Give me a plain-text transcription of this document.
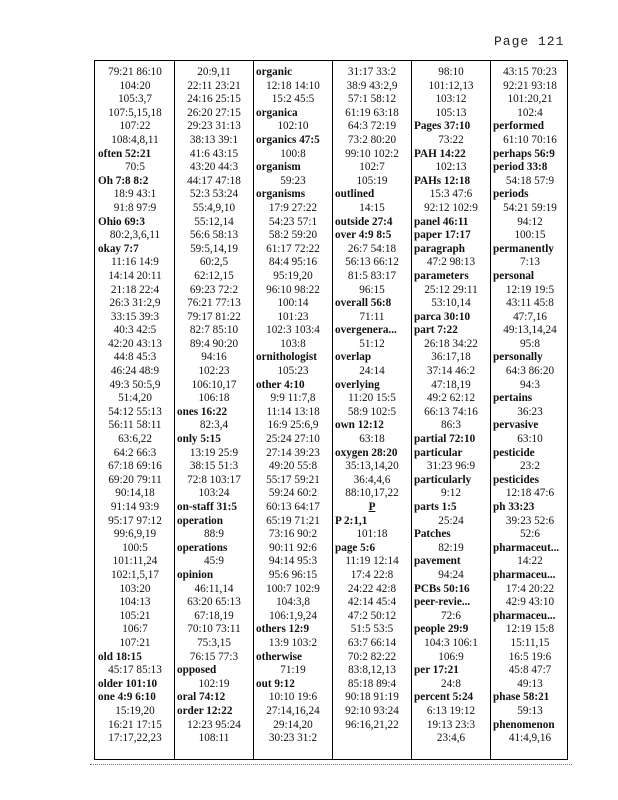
Page 121
79:21 86:10
104:20
105:3,7
107:5,15,18
107:22
108:4,8,11
often 52:21
70:5
Oh 7:8 8:2
18:9 43:1
91:8 97:9
Ohio 69:3
80:2,3,6,11
okay 7:7
11:16 14:9
14:14 20:11
21:18 22:4
26:3 31:2,9
33:15 39:3
40:3 42:5
42:20 43:13
44:8 45:3
46:24 48:9
49:3 50:5,9
51:4,20
54:12 55:13
56:11 58:11
63:6,22
64:2 66:3
67:18 69:16
69:20 79:11
90:14,18
91:14 93:9
95:17 97:12
99:6,9,19
100:5
101:11,24
102:1,5,17
103:20
104:13
105:21
106:7
107:21
old 18:15
45:17 85:13
older 101:10
one 4:9 6:10
15:19,20
16:21 17:15
17:17,22,23
20:9,11
22:11 23:21
24:16 25:15
26:20 27:15
29:23 31:13
38:13 39:1
41:6 43:15
43:20 44:3
44:17 47:18
52:3 53:24
55:4,9,10
55:12,14
56:6 58:13
59:5,14,19
60:2,5
62:12,15
69:23 72:2
76:21 77:13
79:17 81:22
82:7 85:10
89:4 90:20
94:16
102:23
106:10,17
106:18
ones 16:22
82:3,4
only 5:15
13:19 25:9
38:15 51:3
72:8 103:17
103:24
on-staff 31:5
operation
88:9
operations
45:9
opinion
46:11,14
63:20 65:13
67:18,19
70:10 73:11
75:3,15
76:15 77:3
opposed
102:19
oral 74:12
order 12:22
12:23 95:24
108:11
organic
12:18 14:10
15:2 45:5
organica
102:10
organics 47:5
100:8
organism
59:23
organisms
17:9 27:22
54:23 57:1
58:2 59:20
61:17 72:22
84:4 95:16
95:19,20
96:10 98:22
100:14
101:23
102:3 103:4
103:8
ornithologist
105:23
other 4:10
9:9 11:7,8
11:14 13:18
16:9 25:6,9
25:24 27:10
27:14 39:23
49:20 55:8
55:17 59:21
59:24 60:2
60:13 64:17
65:19 71:21
73:16 90:2
90:11 92:6
94:14 95:3
95:6 96:15
100:7 102:9
104:3,8
106:1,9,24
others 12:9
13:9 103:2
otherwise
71:19
out 9:12
10:10 19:6
27:14,16,24
29:14,20
30:23 31:2
31:17 33:2
38:9 43:2,9
57:1 58:12
61:19 63:18
64:3 72:19
73:2 80:20
99:10 102:2
102:7
105:19
outlined
14:15
outside 27:4
over 4:9 8:5
26:7 54:18
56:13 66:12
81:5 83:17
96:15
overall 56:8
71:11
overgenera...
51:12
overlap
24:14
overlying
11:20 15:5
58:9 102:5
own 12:12
63:18
oxygen 28:20
35:13,14,20
36:4,4,6
88:10,17,22
P
P 2:1,1
101:18
page 5:6
11:19 12:14
17:4 22:8
24:22 42:8
42:14 45:4
47:2 50:12
51:5 53:5
63:7 66:14
70:2 82:22
83:8,12,13
85:18 89:4
90:18 91:19
92:10 93:24
96:16,21,22
98:10
101:12,13
103:12
105:13
Pages 37:10
73:22
PAH 14:22
102:13
PAHs 12:18
15:3 47:6
92:12 102:9
panel 46:11
paper 17:17
paragraph
47:2 98:13
parameters
25:12 29:11
53:10,14
parca 30:10
part 7:22
26:18 34:22
36:17,18
37:14 46:2
47:18,19
49:2 62:12
66:13 74:16
86:3
partial 72:10
particular
31:23 96:9
particularly
9:12
parts 1:5
25:24
Patches
82:19
pavement
94:24
PCBs 50:16
peer-revie...
72:6
people 29:9
104:3 106:1
106:9
per 17:21
24:8
percent 5:24
6:13 19:12
19:13 23:3
23:4,6
43:15 70:23
92:21 93:18
101:20,21
102:4
performed
61:10 70:16
perhaps 56:9
period 33:8
54:18 57:9
periods
54:21 59:19
94:12
100:15
permanently
7:13
personal
12:19 19:5
43:11 45:8
47:7,16
49:13,14,24
95:8
personally
64:3 86:20
94:3
pertains
36:23
pervasive
63:10
pesticide
23:2
pesticides
12:18 47:6
ph 33:23
39:23 52:6
52:6
pharmaceut...
14:22
pharmaceu...
17:4 20:22
42:9 43:10
pharmaceu...
12:19 15:8
15:11,15
16:5 19:6
45:8 47:7
49:13
phase 58:21
59:13
phenomenon
41:4,9,16
